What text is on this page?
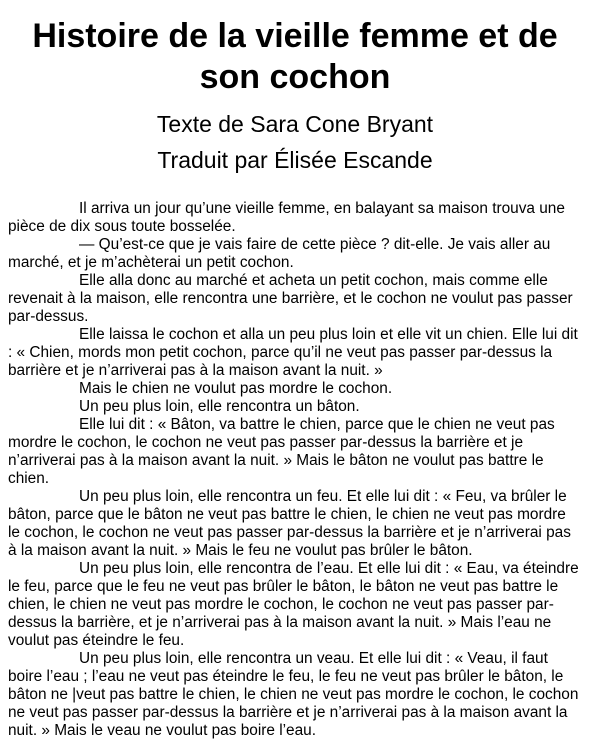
Histoire de la vieille femme et de son cochon
Texte de Sara Cone Bryant
Traduit par Élisée Escande

Il arriva un jour qu’une vieille femme, en balayant sa maison trouva une pièce de dix sous toute bosselée.

— Qu’est-ce que je vais faire de cette pièce ? dit-elle. Je vais aller au marché, et je m’achèterai un petit cochon.

Elle alla donc au marché et acheta un petit cochon, mais comme elle revenait à la maison, elle rencontra une barrière, et le cochon ne voulut pas passer par-dessus.

Elle laissa le cochon et alla un peu plus loin et elle vit un chien. Elle lui dit : « Chien, mords mon petit cochon, parce qu’il ne veut pas passer par-dessus la barrière et je n’arriverai pas à la maison avant la nuit. »

Mais le chien ne voulut pas mordre le cochon.

Un peu plus loin, elle rencontra un bâton.

Elle lui dit : « Bâton, va battre le chien, parce que le chien ne veut pas mordre le cochon, le cochon ne veut pas passer par-dessus la barrière et je n’arriverai pas à la maison avant la nuit. » Mais le bâton ne voulut pas battre le chien.

Un peu plus loin, elle rencontra un feu. Et elle lui dit : « Feu, va brûler le bâton, parce que le bâton ne veut pas battre le chien, le chien ne veut pas mordre le cochon, le cochon ne veut pas passer par-dessus la barrière et je n’arriverai pas à la maison avant la nuit. » Mais le feu ne voulut pas brûler le bâton.

Un peu plus loin, elle rencontra de l’eau. Et elle lui dit : « Eau, va éteindre le feu, parce que le feu ne veut pas brûler le bâton, le bâton ne veut pas battre le chien, le chien ne veut pas mordre le cochon, le cochon ne veut pas passer par-dessus la barrière, et je n’arriverai pas à la maison avant la nuit. » Mais l’eau ne voulut pas éteindre le feu.

Un peu plus loin, elle rencontra un veau. Et elle lui dit : « Veau, il faut boire l’eau ; l’eau ne veut pas éteindre le feu, le feu ne veut pas brûler le bâton, le bâton ne |veut pas battre le chien, le chien ne veut pas mordre le cochon, le cochon ne veut pas passer par-dessus la barrière et je n’arriverai pas à la maison avant la nuit. » Mais le veau ne voulut pas boire l’eau.
